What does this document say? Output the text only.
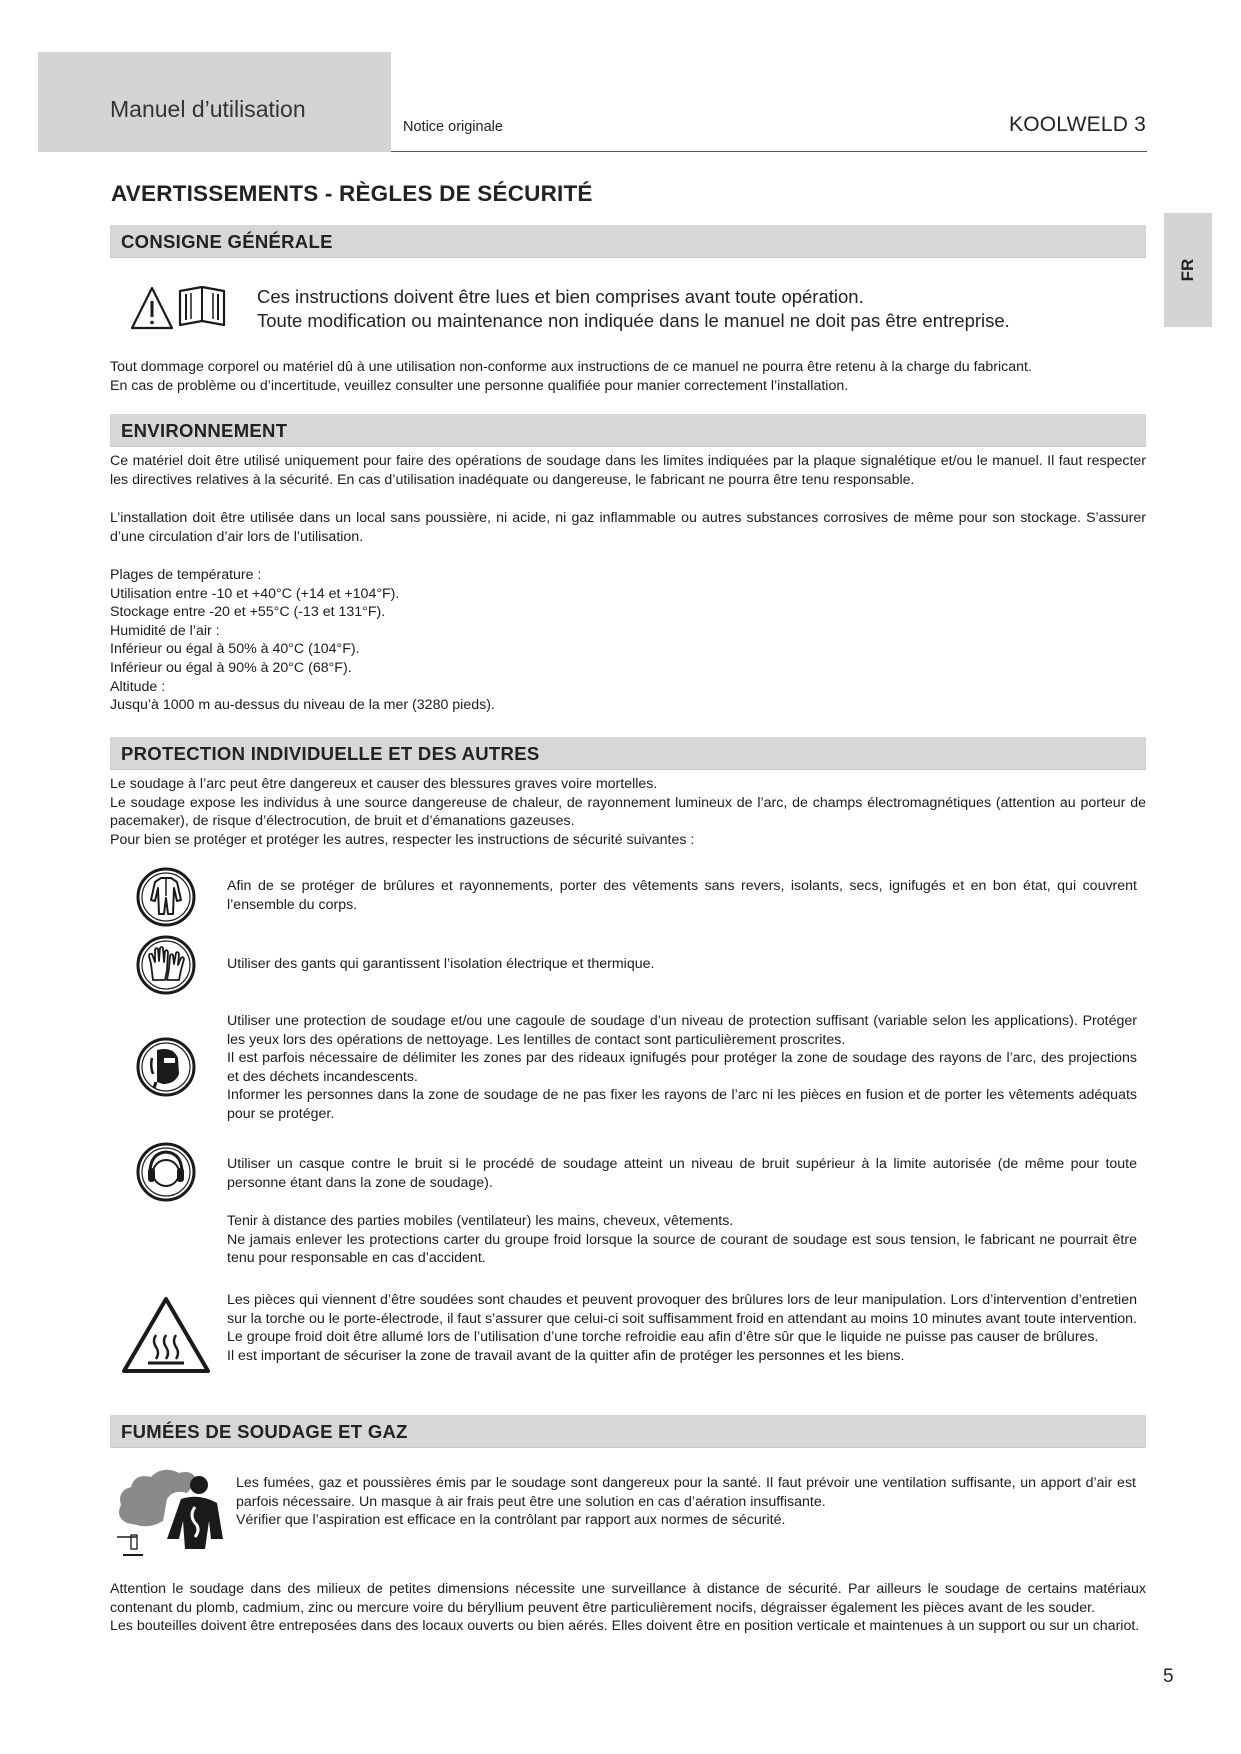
Manuel d’utilisation
Notice originale	KOOLWELD 3
FR
AVERTISSEMENTS - RÈGLES DE SÉCURITÉ
CONSIGNE GÉNÉRALE

Ces instructions doivent être lues et bien comprises avant toute opération.

Toute modification ou maintenance non indiquée dans le manuel ne doit pas être entreprise.

Tout dommage corporel ou matériel dû à une utilisation non-conforme aux instructions de ce manuel ne pourra être retenu à la charge du fabricant.

En cas de problème ou d’incertitude, veuillez consulter une personne qualifiée pour manier correctement l’installation.

ENVIRONNEMENT

Ce matériel doit être utilisé uniquement pour faire des opérations de soudage dans les limites indiquées par la plaque signalétique et/ou le manuel. Il faut respecter les directives relatives à la sécurité. En cas d’utilisation inadéquate ou dangereuse, le fabricant ne pourra être tenu responsable.

L’installation doit être utilisée dans un local sans poussière, ni acide, ni gaz inflammable ou autres substances corrosives de même pour son stockage. S’assurer d’une circulation d’air lors de l’utilisation.

Plages de température :

Utilisation entre -10 et +40°C (+14 et +104°F).

Stockage entre -20 et +55°C (-13 et 131°F).

Humidité de l’air :

Inférieur ou égal à 50% à 40°C (104°F).

Inférieur ou égal à 90% à 20°C (68°F).

Altitude :

Jusqu’à 1000 m au-dessus du niveau de la mer (3280 pieds).

PROTECTION INDIVIDUELLE ET DES AUTRES

Le soudage à l’arc peut être dangereux et causer des blessures graves voire mortelles.

Le soudage expose les individus à une source dangereuse de chaleur, de rayonnement lumineux de l’arc, de champs électromagnétiques (attention au porteur de pacemaker), de risque d’électrocution, de bruit et d’émanations gazeuses.

Pour bien se protéger et protéger les autres, respecter les instructions de sécurité suivantes :

Afin de se protéger de brûlures et rayonnements, porter des vêtements sans revers, isolants, secs, ignifugés et en bon état, qui couvrent l’ensemble du corps.

Utiliser des gants qui garantissent l’isolation électrique et thermique.

Utiliser une protection de soudage et/ou une cagoule de soudage d’un niveau de protection suffisant (variable selon les applications). Protéger les yeux lors des opérations de nettoyage. Les lentilles de contact sont particulièrement proscrites.

Il est parfois nécessaire de délimiter les zones par des rideaux ignifugés pour protéger la zone de soudage des rayons de l’arc, des projections et des déchets incandescents.

Informer les personnes dans la zone de soudage de ne pas fixer les rayons de l’arc ni les pièces en fusion et de porter les vêtements adéquats pour se protéger.

Utiliser un casque contre le bruit si le procédé de soudage atteint un niveau de bruit supérieur à la limite autorisée (de même pour toute personne étant dans la zone de soudage).

Tenir à distance des parties mobiles (ventilateur) les mains, cheveux, vêtements.

Ne jamais enlever les protections carter du groupe froid lorsque la source de courant de soudage est sous tension, le fabricant ne pourrait être tenu pour responsable en cas d’accident.

Les pièces qui viennent d’être soudées sont chaudes et peuvent provoquer des brûlures lors de leur manipulation. Lors d’intervention d’entretien sur la torche ou le porte-électrode, il faut s’assurer que celui-ci soit suffisamment froid en attendant au moins 10 minutes avant toute intervention. Le groupe froid doit être allumé lors de l’utilisation d’une torche refroidie eau afin d’être sûr que le liquide ne puisse pas causer de brûlures.

Il est important de sécuriser la zone de travail avant de la quitter afin de protéger les personnes et les biens.

FUMÉES DE SOUDAGE ET GAZ

Les fumées, gaz et poussières émis par le soudage sont dangereux pour la santé. Il faut prévoir une ventilation suffisante, un apport d’air est parfois nécessaire. Un masque à air frais peut être une solution en cas d’aération insuffisante.

Vérifier que l’aspiration est efficace en la contrôlant par rapport aux normes de sécurité.

Attention le soudage dans des milieux de petites dimensions nécessite une surveillance à distance de sécurité. Par ailleurs le soudage de certains matériaux contenant du plomb, cadmium, zinc ou mercure voire du béryllium peuvent être particulièrement nocifs, dégraisser également les pièces avant de les souder.

Les bouteilles doivent être entreposées dans des locaux ouverts ou bien aérés. Elles doivent être en position verticale et maintenues à un support ou sur un chariot.

5
